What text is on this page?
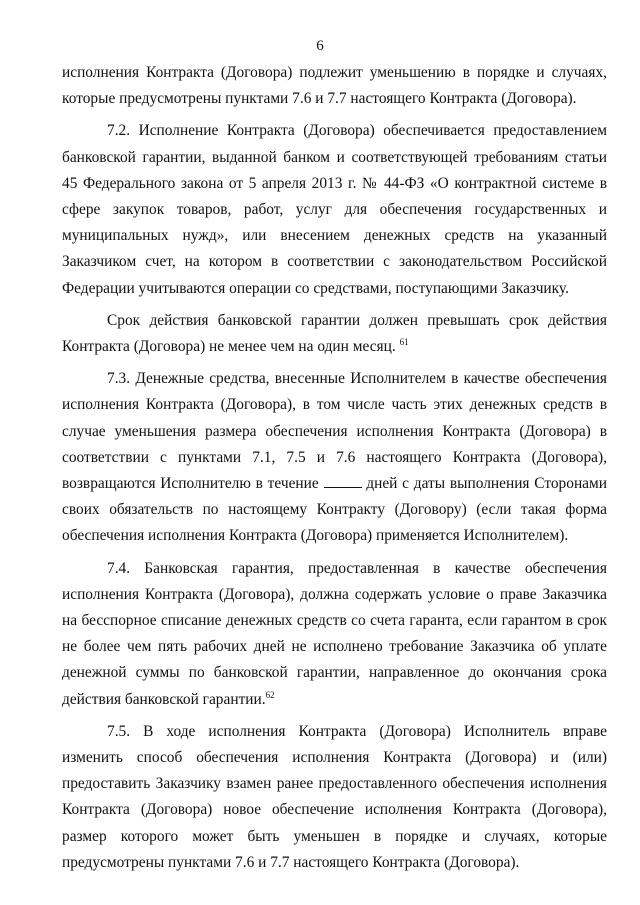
6

исполнения Контракта (Договора) подлежит уменьшению в порядке и случаях, которые предусмотрены пунктами 7.6 и 7.7 настоящего Контракта (Договора).

7.2. Исполнение Контракта (Договора) обеспечивается предоставлением банковской гарантии, выданной банком и соответствующей требованиям статьи 45 Федерального закона от 5 апреля 2013 г. № 44-ФЗ «О контрактной системе в сфере закупок товаров, работ, услуг для обеспечения государственных и муниципальных нужд», или внесением денежных средств на указанный Заказчиком счет, на котором в соответствии с законодательством Российской Федерации учитываются операции со средствами, поступающими Заказчику.

Срок действия банковской гарантии должен превышать срок действия Контракта (Договора) не менее чем на один месяц. $^{61}$

7.3. Денежные средства, внесенные Исполнителем в качестве обеспечения исполнения Контракта (Договора), в том числе часть этих денежных средств в случае уменьшения размера обеспечения исполнения Контракта (Договора) в соответствии с пунктами 7.1, 7.5 и 7.6 настоящего Контракта (Договора), возвращаются Исполнителю в течение  дней с даты выполнения Сторонами своих обязательств по настоящему Контракту (Договору) (если такая форма обеспечения исполнения Контракта (Договора) применяется Исполнителем).

7.4. Банковская гарантия, предоставленная в качестве обеспечения исполнения Контракта (Договора), должна содержать условие о праве Заказчика на бесспорное списание денежных средств со счета гаранта, если гарантом в срок не более чем пять рабочих дней не исполнено требование Заказчика об уплате денежной суммы по банковской гарантии, направленное до окончания срока действия банковской гарантии.$^{62}$

7.5. В ходе исполнения Контракта (Договора) Исполнитель вправе изменить способ обеспечения исполнения Контракта (Договора) и (или) предоставить Заказчику взамен ранее предоставленного обеспечения исполнения Контракта (Договора) новое обеспечение исполнения Контракта (Договора), размер которого может быть уменьшен в порядке и случаях, которые предусмотрены пунктами 7.6 и 7.7 настоящего Контракта (Договора).
